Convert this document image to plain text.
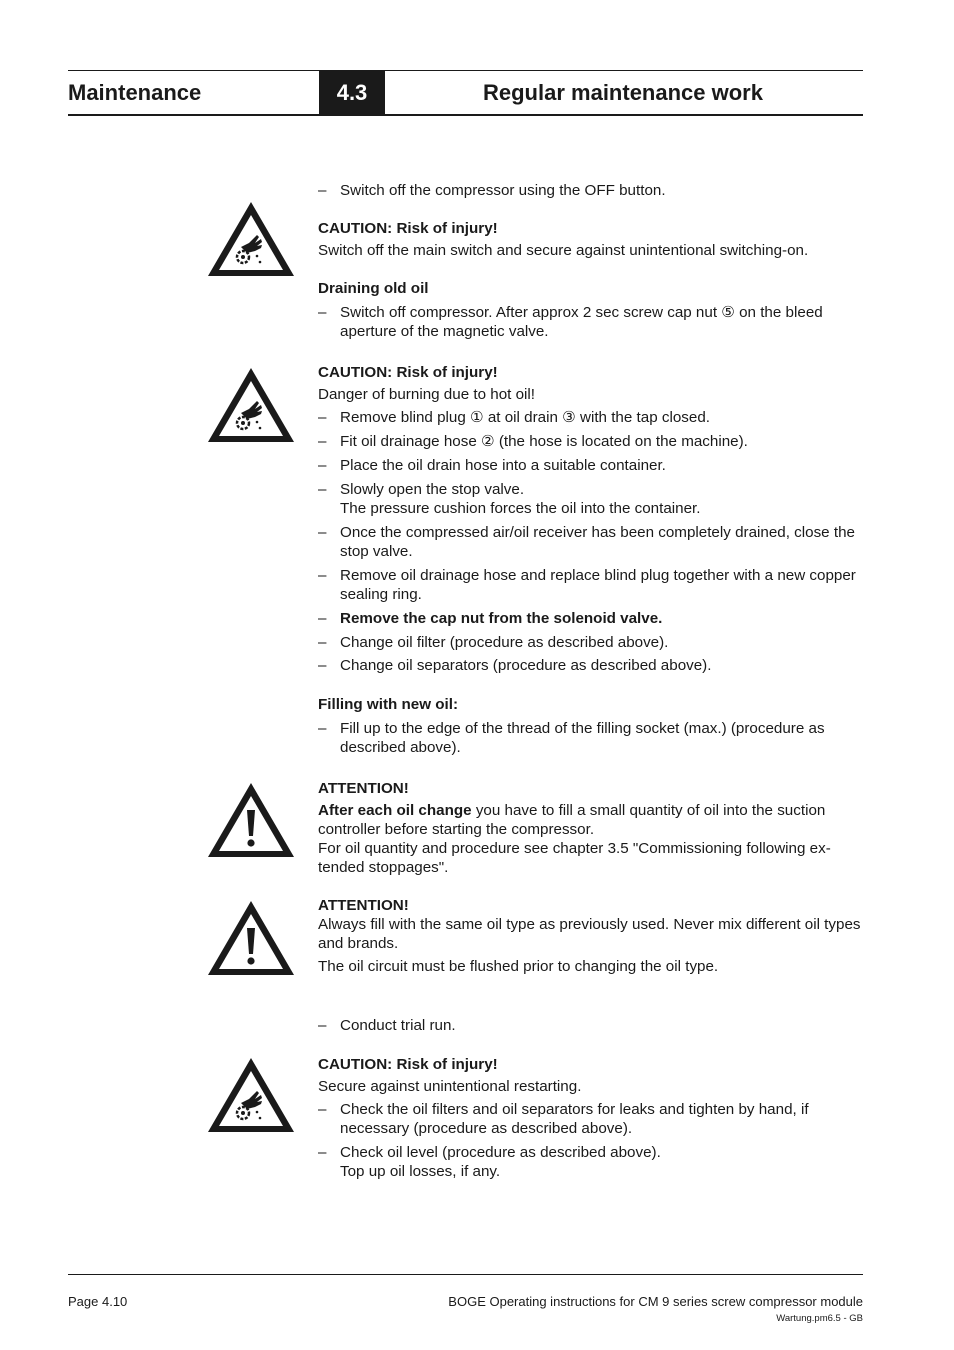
Maintenance	4.3	Regular maintenance work
– Switch off the compressor using the OFF button.
CAUTION: Risk of injury!
Switch off the main switch and secure against unintentional switching-on.
Draining old oil
– Switch off compressor. After approx 2 sec screw cap nut ⑤ on the bleed aperture of the magnetic valve.
CAUTION: Risk of injury!
Danger of burning due to hot oil!
– Remove blind plug ① at oil drain ③ with the tap closed.
– Fit oil drainage hose ② (the hose is located on the machine).
– Place the oil drain hose into a suitable container.
– Slowly open the stop valve.
The pressure cushion forces the oil into the container.
– Once the compressed air/oil receiver has been completely drained, close the stop valve.
– Remove oil drainage hose and replace blind plug together with a new copper sealing ring.
– Remove the cap nut from the solenoid valve.
– Change oil filter (procedure as described above).
– Change oil separators (procedure as described above).
Filling with new oil:
– Fill up to the edge of the thread of the filling socket (max.) (procedure as described above).
ATTENTION!
After each oil change you have to fill a small quantity of oil into the suction controller before starting the compressor.
For oil quantity and procedure see chapter 3.5 "Commissioning following ex-tended stoppages".
ATTENTION!
Always fill with the same oil type as previously used. Never mix different oil types and brands.
The oil circuit must be flushed prior to changing the oil type.
– Conduct trial run.
CAUTION: Risk of injury!
Secure against unintentional restarting.
– Check the oil filters and oil separators for leaks and tighten by hand, if necessary (procedure as described above).
– Check oil level (procedure as described above).
Top up oil losses, if any.
Page 4.10	BOGE Operating instructions for CM 9 series screw compressor module
Wartung.pm6.5 - GB
